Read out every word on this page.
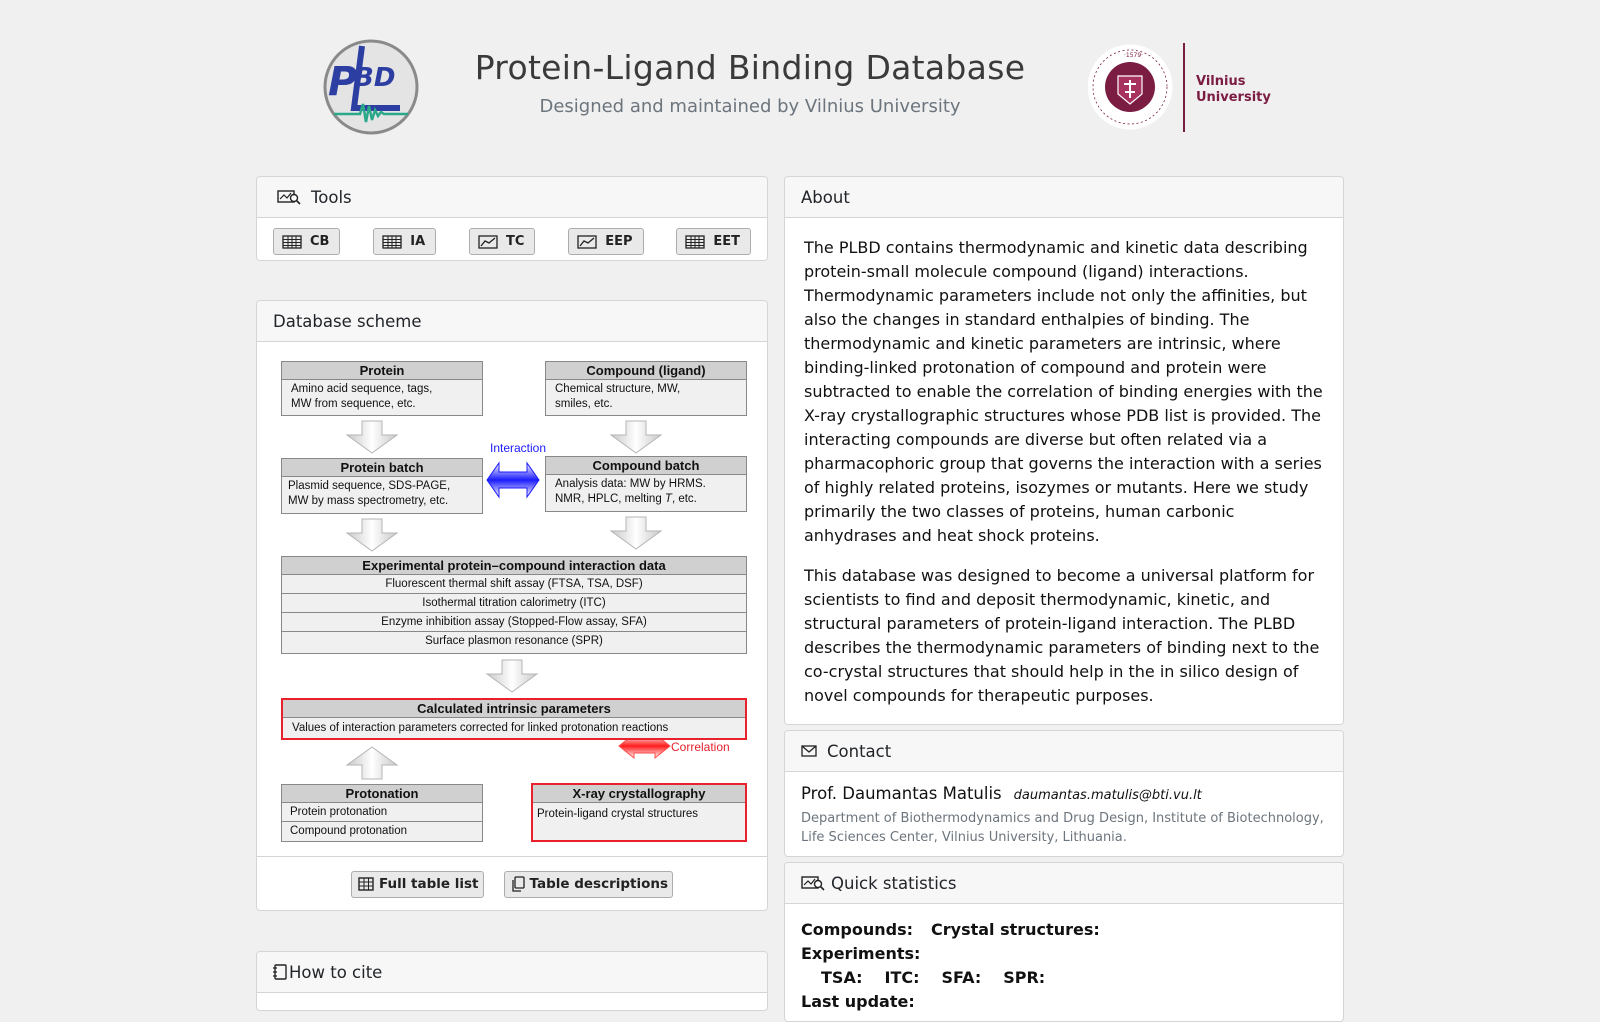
P
BD	Protein-Ligand Binding Database
Designed and maintained by Vilnius University
·1579·
Vilnius
University
Tools
CB	IA	TC	EEP	EET
Database scheme
Interaction
Correlation
Protein
Amino acid sequence, tags,
MW from sequence, etc.
Compound (ligand)
Chemical structure, MW,
smiles, etc.
Protein batch
Plasmid sequence, SDS-PAGE,
MW by mass spectrometry, etc.
Compound batch
Analysis data: MW by HRMS.
NMR, HPLC, melting T, etc.
Experimental protein–compound interaction data
Fluorescent thermal shift assay (FTSA, TSA, DSF)
Isothermal titration calorimetry (ITC)
Enzyme inhibition assay (Stopped-Flow assay, SFA)
Surface plasmon resonance (SPR)
Calculated intrinsic parameters
Values of interaction parameters corrected for linked protonation reactions
Protonation
Protein protonation
Compound protonation
X-ray crystallography
Protein-ligand crystal structures
Full table list	Table descriptions
How to cite
About

The PLBD contains thermodynamic and kinetic data describing protein-small molecule compound (ligand) interactions. Thermodynamic parameters include not only the affinities, but also the changes in standard enthalpies of binding. The thermodynamic and kinetic parameters are intrinsic, where binding-linked protonation of compound and protein were subtracted to enable the correlation of binding energies with the X-ray crystallographic structures whose PDB list is provided. The interacting compounds are diverse but often related via a pharmacophoric group that governs the interaction with a series of highly related proteins, isozymes or mutants. Here we study primarily the two classes of proteins, human carbonic anhydrases and heat shock proteins.

This database was designed to become a universal platform for scientists to find and deposit thermodynamic, kinetic, and structural parameters of protein-ligand interaction. The PLBD describes the thermodynamic parameters of binding next to the co-crystal structures that should help in the in silico design of novel compounds for therapeutic purposes.

Contact
Prof. Daumantas Matulis daumantas.matulis@bti.vu.lt
Department of Biothermodynamics and Drug Design, Institute of Biotechnology,
Life Sciences Center, Vilnius University, Lithuania.
Quick statistics
Compounds: Crystal structures:
Experiments:
TSA: ITC: SFA: SPR:
Last update:
